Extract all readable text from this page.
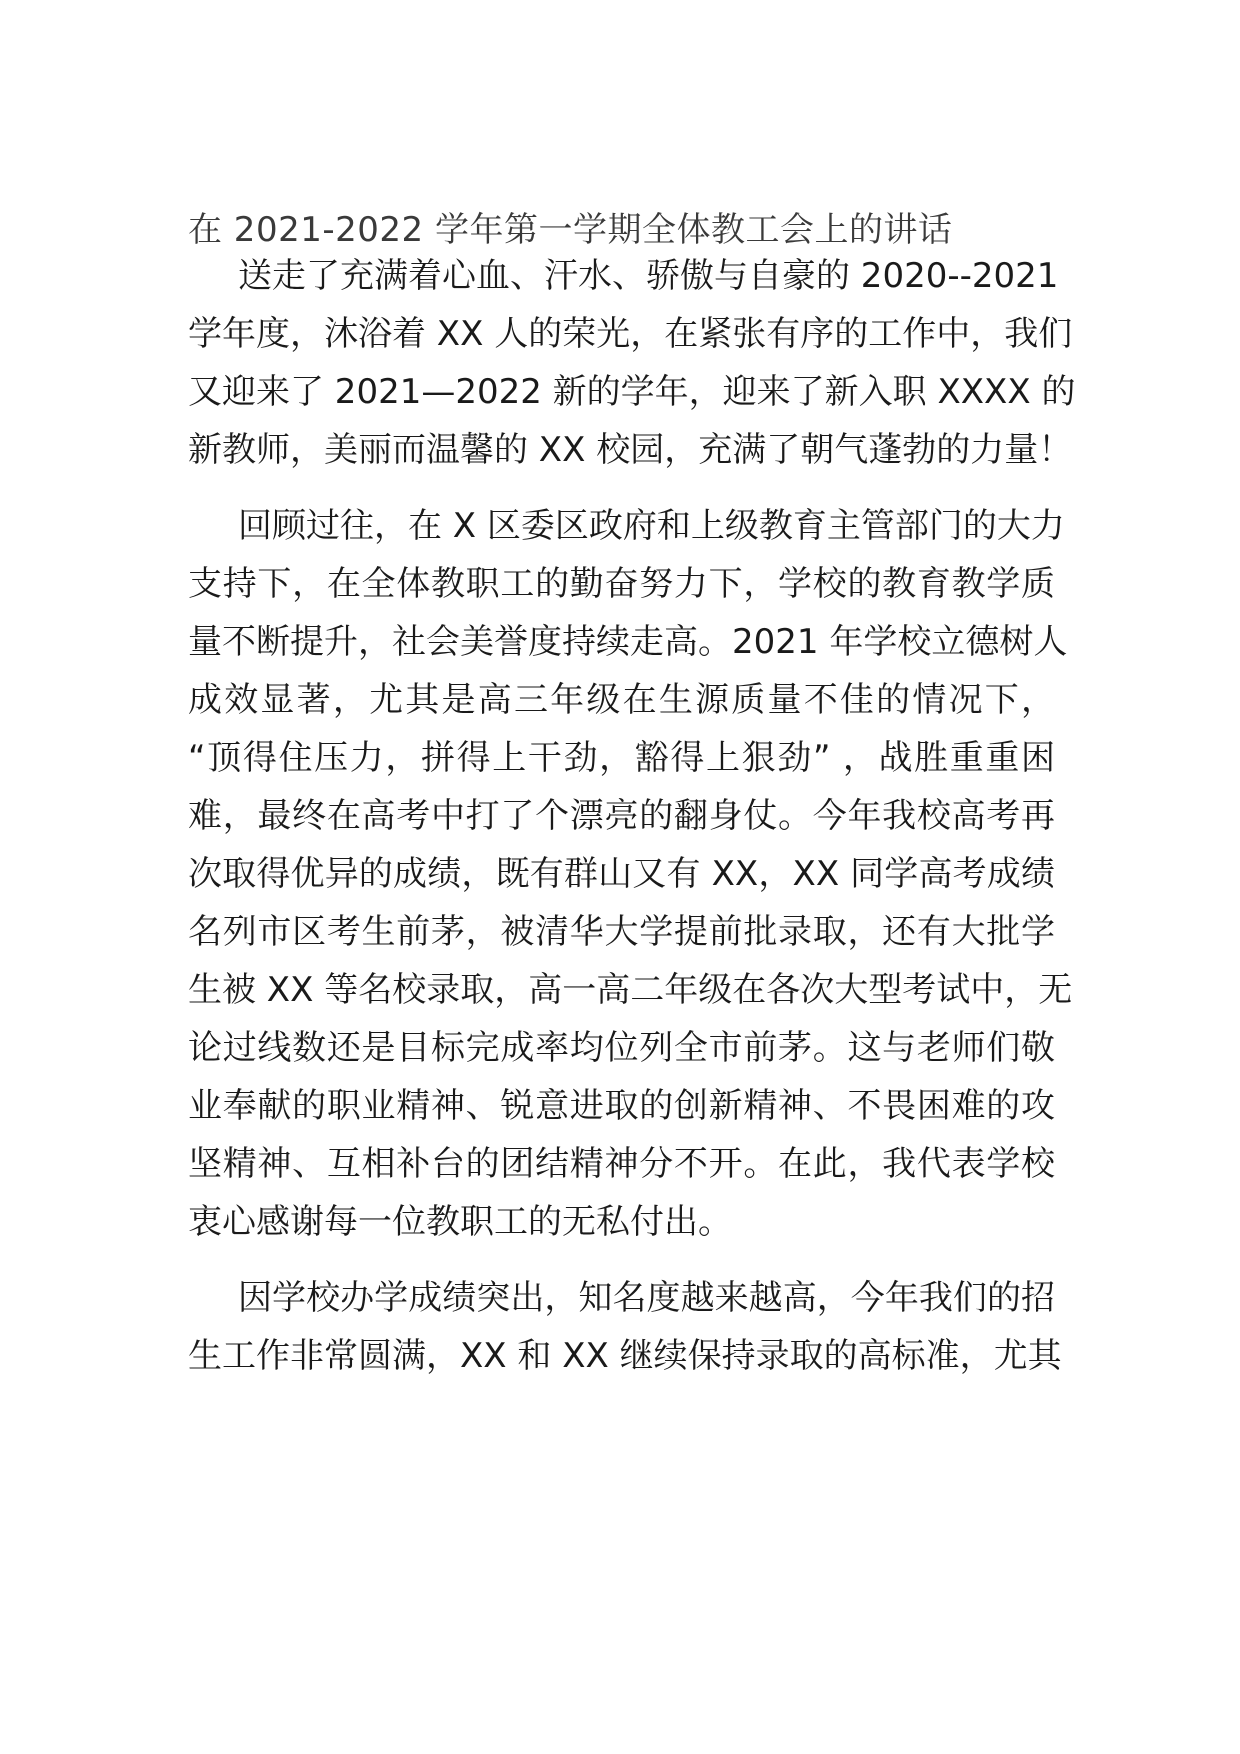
在 2021-2022 学年第一学期全体教工会上的讲话
送走了充满着心血、汗水、骄傲与自豪的 2020--2021
学年度，沐浴着 XX 人的荣光，在紧张有序的工作中，我们
又迎来了 2021—2022 新的学年，迎来了新入职 XXXX 的
新教师，美丽而温馨的 XX 校园，充满了朝气蓬勃的力量！
回顾过往，在 X 区委区政府和上级教育主管部门的大力
支持下，在全体教职工的勤奋努力下，学校的教育教学质
量不断提升，社会美誉度持续走高。2021 年学校立德树人
成效显著，尤其是高三年级在生源质量不佳的情况下，
“顶得住压力，拼得上干劲，豁得上狠劲” ，战胜重重困
难，最终在高考中打了个漂亮的翻身仗。今年我校高考再
次取得优异的成绩，既有群山又有 XX，XX 同学高考成绩
名列市区考生前茅，被清华大学提前批录取，还有大批学
生被 XX 等名校录取，高一高二年级在各次大型考试中，无
论过线数还是目标完成率均位列全市前茅。这与老师们敬
业奉献的职业精神、锐意进取的创新精神、不畏困难的攻
坚精神、互相补台的团结精神分不开。在此，我代表学校
衷心感谢每一位教职工的无私付出。
因学校办学成绩突出，知名度越来越高，今年我们的招
生工作非常圆满，XX 和 XX 继续保持录取的高标准，尤其
